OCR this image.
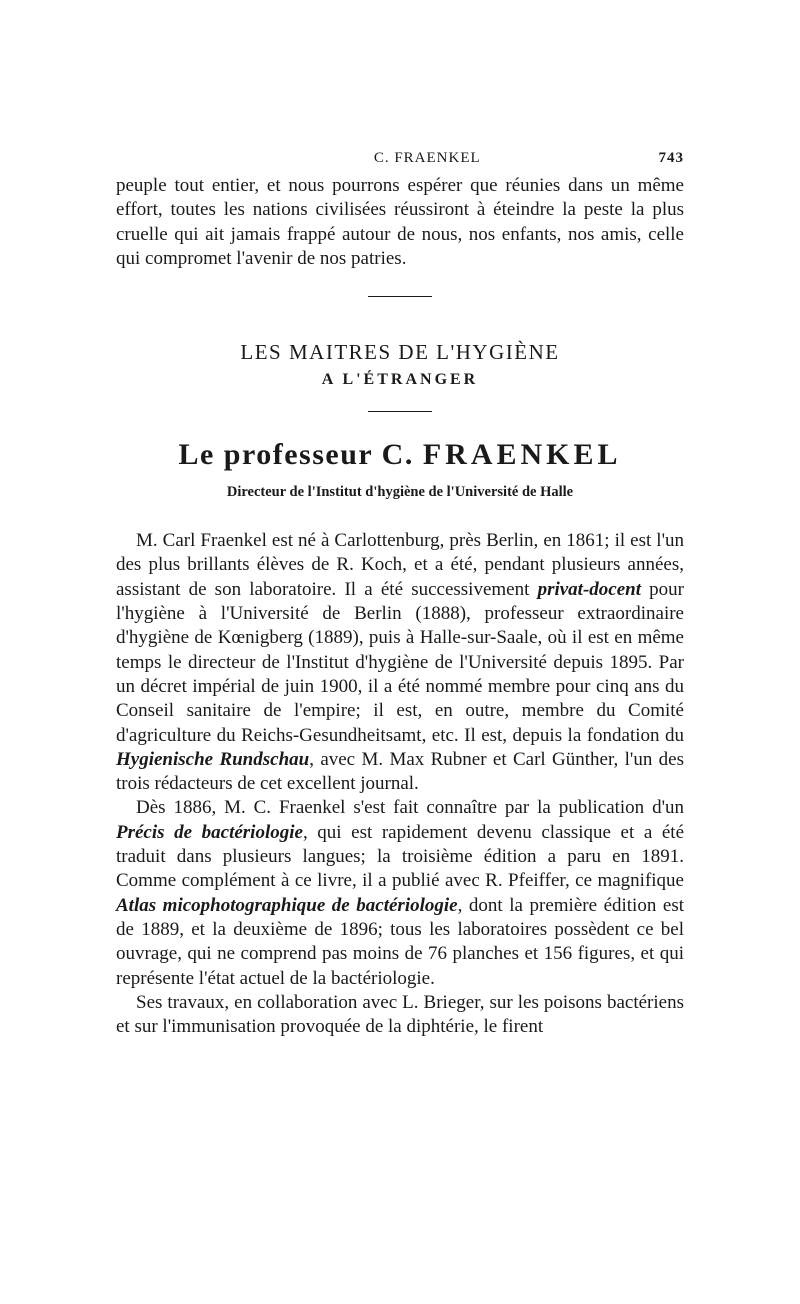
C. FRAENKEL	743

peuple tout entier, et nous pourrons espérer que réunies dans un même effort, toutes les nations civilisées réussiront à éteindre la peste la plus cruelle qui ait jamais frappé autour de nous, nos enfants, nos amis, celle qui compromet l'avenir de nos patries.

LES MAITRES DE L'HYGIÈNE
A L'ÉTRANGER
Le professeur C. FRAENKEL

Directeur de l'Institut d'hygiène de l'Université de Halle

M. Carl Fraenkel est né à Carlottenburg, près Berlin, en 1861; il est l'un des plus brillants élèves de R. Koch, et a été, pendant plusieurs années, assistant de son laboratoire. Il a été successivement privat-docent pour l'hygiène à l'Université de Berlin (1888), professeur extraordinaire d'hygiène de Kœnigberg (1889), puis à Halle-sur-Saale, où il est en même temps le directeur de l'Institut d'hygiène de l'Université depuis 1895. Par un décret impérial de juin 1900, il a été nommé membre pour cinq ans du Conseil sanitaire de l'empire; il est, en outre, membre du Comité d'agriculture du Reichs-Gesundheitsamt, etc. Il est, depuis la fondation du Hygienische Rundschau, avec M. Max Rubner et Carl Günther, l'un des trois rédacteurs de cet excellent journal.

Dès 1886, M. C. Fraenkel s'est fait connaître par la publication d'un Précis de bactériologie, qui est rapidement devenu classique et a été traduit dans plusieurs langues; la troisième édition a paru en 1891. Comme complément à ce livre, il a publié avec R. Pfeiffer, ce magnifique Atlas micophotographique de bactériologie, dont la première édition est de 1889, et la deuxième de 1896; tous les laboratoires possèdent ce bel ouvrage, qui ne comprend pas moins de 76 planches et 156 figures, et qui représente l'état actuel de la bactériologie.

Ses travaux, en collaboration avec L. Brieger, sur les poisons bactériens et sur l'immunisation provoquée de la diphtérie, le firent
